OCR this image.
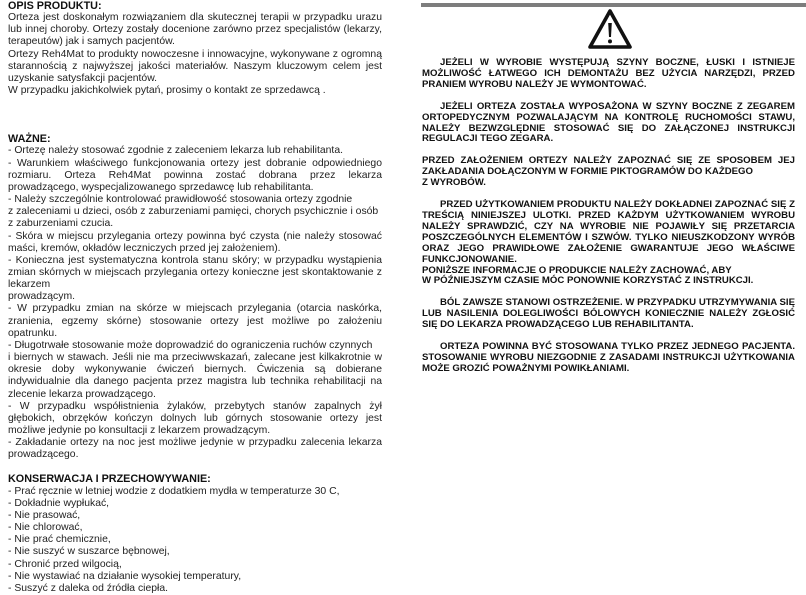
OPIS PRODUKTU:

Orteza jest doskonałym rozwiązaniem dla skutecznej terapii w przypadku urazu lub innej choroby. Ortezy zostały docenione zarówno przez specjalistów (lekarzy, terapeutów) jak i samych pacjentów.

Ortezy Reh4Mat to produkty nowoczesne i innowacyjne, wykonywane z ogromną starannością z najwyższej jakości materiałów. Naszym kluczowym celem jest uzyskanie satysfakcji pacjentów.

W przypadku jakichkolwiek pytań, prosimy o kontakt ze sprzedawcą .

WAŻNE:

- Ortezę należy stosować zgodnie z zaleceniem lekarza lub rehabilitanta.

- Warunkiem właściwego funkcjonowania ortezy jest dobranie odpowiedniego rozmiaru. Orteza Reh4Mat powinna zostać dobrana przez lekarza prowadzącego, wyspecjalizowanego sprzedawcę lub rehabilitanta.

- Należy szczególnie kontrolować prawidłowość stosowania ortezy zgodnie

z zaleceniami u dzieci, osób z zaburzeniami pamięci, chorych psychicznie i osób

z zaburzeniami czucia.

- Skóra w miejscu przylegania ortezy powinna być czysta (nie należy stosować maści, kremów, okładów leczniczych przed jej założeniem).

- Konieczna jest systematyczna kontrola stanu skóry; w przypadku wystąpienia zmian skórnych w miejscach przylegania ortezy konieczne jest skontaktowanie z lekarzem

prowadzącym.

- W przypadku zmian na skórze w miejscach przylegania (otarcia naskórka, zranienia, egzemy skórne) stosowanie ortezy jest możliwe po założeniu opatrunku.

- Długotrwałe stosowanie może doprowadzić do ograniczenia ruchów czynnych

i biernych w stawach. Jeśli nie ma przeciwwskazań, zalecane jest kilkakrotnie w okresie doby wykonywanie ćwiczeń biernych. Ćwiczenia są dobierane indywidualnie dla danego pacjenta przez magistra lub technika rehabilitacji na zlecenie lekarza prowadzącego.

- W przypadku współistnienia żylaków, przebytych stanów zapalnych żył głębokich, obrzęków kończyn dolnych lub górnych stosowanie ortezy jest możliwe jedynie po konsultacji z lekarzem prowadzącym.

- Zakładanie ortezy na noc jest możliwe jedynie w przypadku zalecenia lekarza prowadzącego.

KONSERWACJA I PRZECHOWYWANIE:

- Prać ręcznie w letniej wodzie z dodatkiem mydła w temperaturze 30 C,

- Dokładnie wypłukać,

- Nie prasować,

- Nie chlorować,

- Nie prać chemicznie,

- Nie suszyć w suszarce bębnowej,

- Chronić przed wilgocią,

- Nie wystawiać na działanie wysokiej temperatury,

- Suszyć z daleka od źródła ciepła.

JEŻELI W WYROBIE WYSTĘPUJĄ SZYNY BOCZNE, ŁUSKI I ISTNIEJE MOŻLIWOŚĆ ŁATWEGO ICH DEMONTAŻU BEZ UŻYCIA NARZĘDZI, PRZED PRANIEM WYROBU NALEŻY JE WYMONTOWAĆ.

JEŻELI ORTEZA ZOSTAŁA WYPOSAŻONA W SZYNY BOCZNE Z ZEGAREM ORTOPEDYCZNYM POZWALAJĄCYM NA KONTROLĘ RUCHOMOŚCI STAWU, NALEŻY BEZWZGLĘDNIE STOSOWAĆ SIĘ DO ZAŁĄCZONEJ INSTRUKCJI REGULACJI TEGO ZEGARA.

PRZED ZAŁOŻENIEM ORTEZY NALEŻY ZAPOZNAĆ SIĘ ZE SPOSOBEM JEJ ZAKŁADANIA DOŁĄCZONYM W FORMIE PIKTOGRAMÓW DO KAŻDEGO

Z WYROBÓW.

PRZED UŻYTKOWANIEM PRODUKTU NALEŻY DOKŁADNEI ZAPOZNAĆ SIĘ Z TREŚCIĄ NINIEJSZEJ ULOTKI. PRZED KAŻDYM UŻYTKOWANIEM WYROBU NALEŻY SPRAWDZIĆ, CZY NA WYROBIE NIE POJAWIŁY SIĘ PRZETARCIA POSZCZEGÓLNYCH ELEMENTÓW I SZWÓW. TYLKO NIEUSZKODZONY WYRÓB ORAZ JEGO PRAWIDŁOWE ZAŁOŻENIE GWARANTUJE JEGO WŁAŚCIWE FUNKCJONOWANIE.

PONIŻSZE INFORMACJE O PRODUKCIE NALEŻY ZACHOWAĆ, ABY

W PÓŹNIEJSZYM CZASIE MÓC PONOWNIE KORZYSTAĆ Z INSTRUKCJI.

BÓL ZAWSZE STANOWI OSTRZEŻENIE. W PRZYPADKU UTRZYMYWANIA SIĘ LUB NASILENIA DOLEGLIWOŚCI BÓLOWYCH KONIECZNIE NALEŻY ZGŁOSIĆ SIĘ DO LEKARZA PROWADZĄCEGO LUB REHABILITANTA.

ORTEZA POWINNA BYĆ STOSOWANA TYLKO PRZEZ JEDNEGO PACJENTA. STOSOWANIE WYROBU NIEZGODNIE Z ZASADAMI INSTRUKCJI UŻYTKOWANIA MOŻE GROZIĆ POWAŻNYMI POWIKŁANIAMI.
